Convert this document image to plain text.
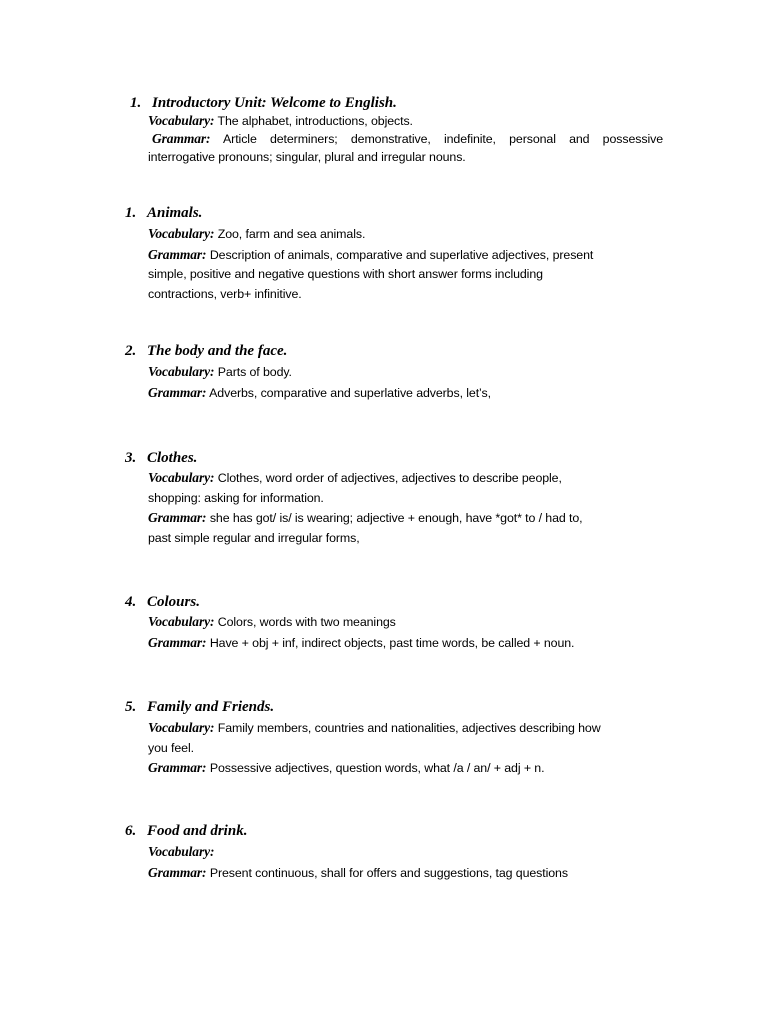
1. Introductory Unit: Welcome to English.
Vocabulary: The alphabet, introductions, objects.
Grammar: Article determiners; demonstrative, indefinite, personal and possessive
interrogative pronouns; singular, plural and irregular nouns.
1. Animals.
Vocabulary: Zoo, farm and sea animals.
Grammar: Description of animals, comparative and superlative adjectives, present
simple, positive and negative questions with short answer forms including
contractions, verb+ infinitive.
2. The body and the face.
Vocabulary: Parts of body.
Grammar: Adverbs, comparative and superlative adverbs, let’s,
3. Clothes.
Vocabulary: Clothes, word order of adjectives, adjectives to describe people,
shopping: asking for information.
Grammar: she has got/ is/ is wearing; adjective + enough, have *got* to / had to,
past simple regular and irregular forms,
4. Colours.
Vocabulary: Colors, words with two meanings
Grammar: Have + obj + inf, indirect objects, past time words, be called + noun.
5. Family and Friends.
Vocabulary: Family members, countries and nationalities, adjectives describing how
you feel.
Grammar: Possessive adjectives, question words, what /a / an/ + adj + n.
6. Food and drink.
Vocabulary:
Grammar: Present continuous, shall for offers and suggestions, tag questions
